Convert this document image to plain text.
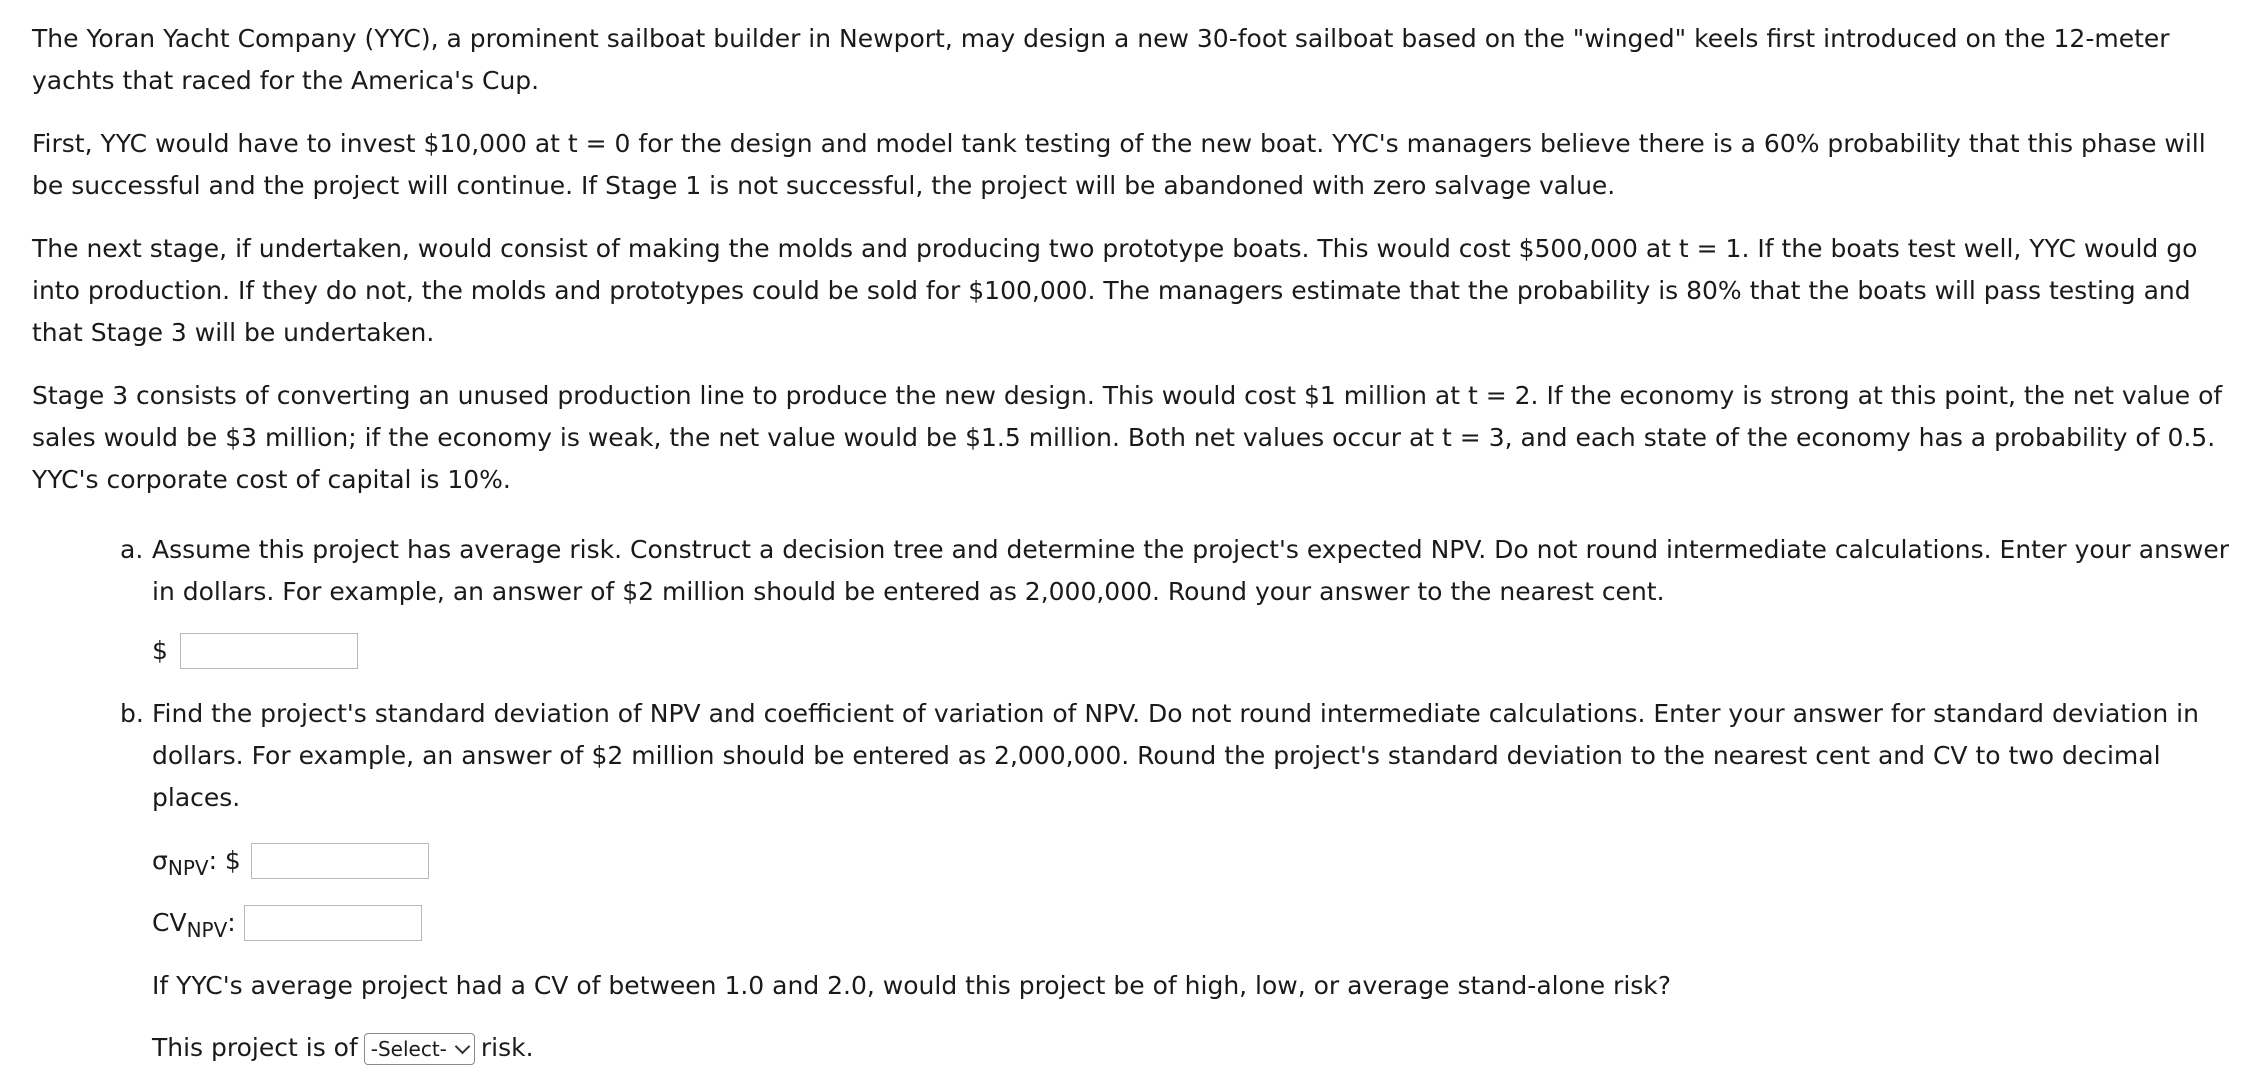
The Yoran Yacht Company (YYC), a prominent sailboat builder in Newport, may design a new 30-foot sailboat based on the "winged" keels first introduced on the 12-meter yachts that raced for the America's Cup.

First, YYC would have to invest $10,000 at t = 0 for the design and model tank testing of the new boat. YYC's managers believe there is a 60% probability that this phase will be successful and the project will continue. If Stage 1 is not successful, the project will be abandoned with zero salvage value.

The next stage, if undertaken, would consist of making the molds and producing two prototype boats. This would cost $500,000 at t = 1. If the boats test well, YYC would go into production. If they do not, the molds and prototypes could be sold for $100,000. The managers estimate that the probability is 80% that the boats will pass testing and that Stage 3 will be undertaken.

Stage 3 consists of converting an unused production line to produce the new design. This would cost $1 million at t = 2. If the economy is strong at this point, the net value of sales would be $3 million; if the economy is weak, the net value would be $1.5 million. Both net values occur at t = 3, and each state of the economy has a probability of 0.5. YYC's corporate cost of capital is 10%.

a. Assume this project has average risk. Construct a decision tree and determine the project's expected NPV. Do not round intermediate calculations. Enter your answer in dollars. For example, an answer of $2 million should be entered as 2,000,000. Round your answer to the nearest cent.
$
b. Find the project's standard deviation of NPV and coefficient of variation of NPV. Do not round intermediate calculations. Enter your answer for standard deviation in dollars. For example, an answer of $2 million should be entered as 2,000,000. Round the project's standard deviation to the nearest cent and CV to two decimal places.
$\sigma_{NPV}$: $
$CV_{NPV}$:
If YYC's average project had a CV of between 1.0 and 2.0, would this project be of high, low, or average stand-alone risk?
This project is of -Select- risk.
